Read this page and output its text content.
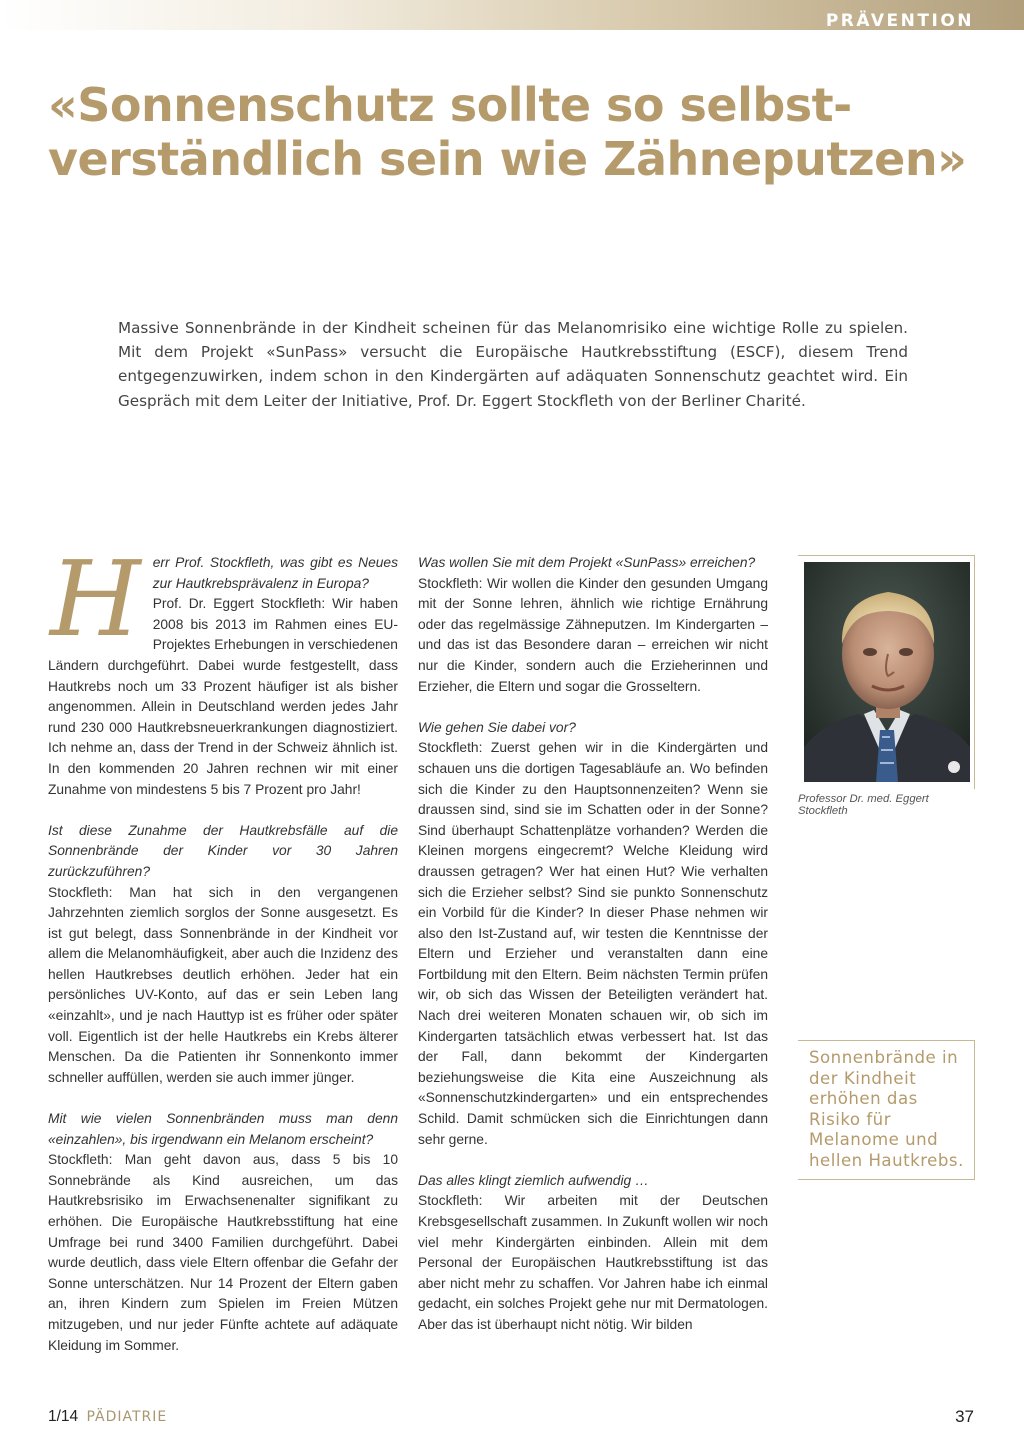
PRÄVENTION
«Sonnenschutz sollte so selbst-
verständlich sein wie Zähneputzen»

Massive Sonnenbrände in der Kindheit scheinen für das Melanomrisiko eine wichtige Rolle zu spielen. Mit dem Projekt «SunPass» versucht die Europäische Hautkrebsstiftung (ESCF), diesem Trend entgegenzuwirken, indem schon in den Kindergärten auf adäquaten Sonnenschutz geachtet wird. Ein Gespräch mit dem Leiter der Initiative, Prof. Dr. Eggert Stockfleth von der Berliner Charité.

H err Prof. Stockfleth, was gibt es Neues zur Hautkrebsprävalenz in Europa?
Prof. Dr. Eggert Stockfleth: Wir haben 2008 bis 2013 im Rahmen eines EU-Projektes Erhebungen in verschiedenen Ländern durchgeführt. Dabei wurde festgestellt, dass Hautkrebs noch um 33 Prozent häufiger ist als bisher angenommen. Allein in Deutschland werden jedes Jahr rund 230 000 Hautkrebsneuerkrankungen diagnostiziert. Ich nehme an, dass der Trend in der Schweiz ähnlich ist. In den kommenden 20 Jahren rechnen wir mit einer Zunahme von mindestens 5 bis 7 Prozent pro Jahr!

Ist diese Zunahme der Hautkrebsfälle auf die Sonnenbrände der Kinder vor 30 Jahren zurückzuführen?
Stockfleth: Man hat sich in den vergangenen Jahrzehnten ziemlich sorglos der Sonne ausgesetzt. Es ist gut belegt, dass Sonnenbrände in der Kindheit vor allem die Melanomhäufigkeit, aber auch die Inzidenz des hellen Hautkrebses deutlich erhöhen. Jeder hat ein persönliches UV-Konto, auf das er sein Leben lang «einzahlt», und je nach Hauttyp ist es früher oder später voll. Eigentlich ist der helle Hautkrebs ein Krebs älterer Menschen. Da die Patienten ihr Sonnenkonto immer schneller auffüllen, werden sie auch immer jünger.

Mit wie vielen Sonnenbränden muss man denn «einzahlen», bis irgendwann ein Melanom erscheint?
Stockfleth: Man geht davon aus, dass 5 bis 10 Sonnebrände als Kind ausreichen, um das Hautkrebsrisiko im Erwachsenenalter signifikant zu erhöhen. Die Europäische Hautkrebsstiftung hat eine Umfrage bei rund 3400 Familien durchgeführt. Dabei wurde deutlich, dass viele Eltern offenbar die Gefahr der Sonne unterschätzen. Nur 14 Prozent der Eltern gaben an, ihren Kindern zum Spielen im Freien Mützen mitzugeben, und nur jeder Fünfte achtete auf adäquate Kleidung im Sommer.

Was wollen Sie mit dem Projekt «SunPass» erreichen?
Stockfleth: Wir wollen die Kinder den gesunden Umgang mit der Sonne lehren, ähnlich wie richtige Ernährung oder das regelmässige Zähneputzen. Im Kindergarten – und das ist das Besondere daran – erreichen wir nicht nur die Kinder, sondern auch die Erzieherinnen und Erzieher, die Eltern und sogar die Grosseltern.

Wie gehen Sie dabei vor?
Stockfleth: Zuerst gehen wir in die Kindergärten und schauen uns die dortigen Tagesabläufe an. Wo befinden sich die Kinder zu den Hauptsonnenzeiten? Wenn sie draussen sind, sind sie im Schatten oder in der Sonne? Sind überhaupt Schattenplätze vorhanden? Werden die Kleinen morgens eingecremt? Welche Kleidung wird draussen getragen? Wer hat einen Hut? Wie verhalten sich die Erzieher selbst? Sind sie punkto Sonnenschutz ein Vorbild für die Kinder? In dieser Phase nehmen wir also den Ist-Zustand auf, wir testen die Kenntnisse der Eltern und Erzieher und veranstalten dann eine Fortbildung mit den Eltern. Beim nächsten Termin prüfen wir, ob sich das Wissen der Beteiligten verändert hat. Nach drei weiteren Monaten schauen wir, ob sich im Kindergarten tatsächlich etwas verbessert hat. Ist das der Fall, dann bekommt der Kindergarten beziehungsweise die Kita eine Auszeichnung als «Sonnenschutzkindergarten» und ein entsprechendes Schild. Damit schmücken sich die Einrichtungen dann sehr gerne.

Das alles klingt ziemlich aufwendig …
Stockfleth: Wir arbeiten mit der Deutschen Krebsgesellschaft zusammen. In Zukunft wollen wir noch viel mehr Kindergärten einbinden. Allein mit dem Personal der Europäischen Hautkrebsstiftung ist das aber nicht mehr zu schaffen. Vor Jahren habe ich einmal gedacht, ein solches Projekt gehe nur mit Dermatologen. Aber das ist überhaupt nicht nötig. Wir bilden

Professor Dr. med. Eggert Stockfleth
Sonnenbrände in der Kindheit erhöhen das Risiko für Melanome und hellen Hautkrebs.
1/14 PÄDIATRIE	37
